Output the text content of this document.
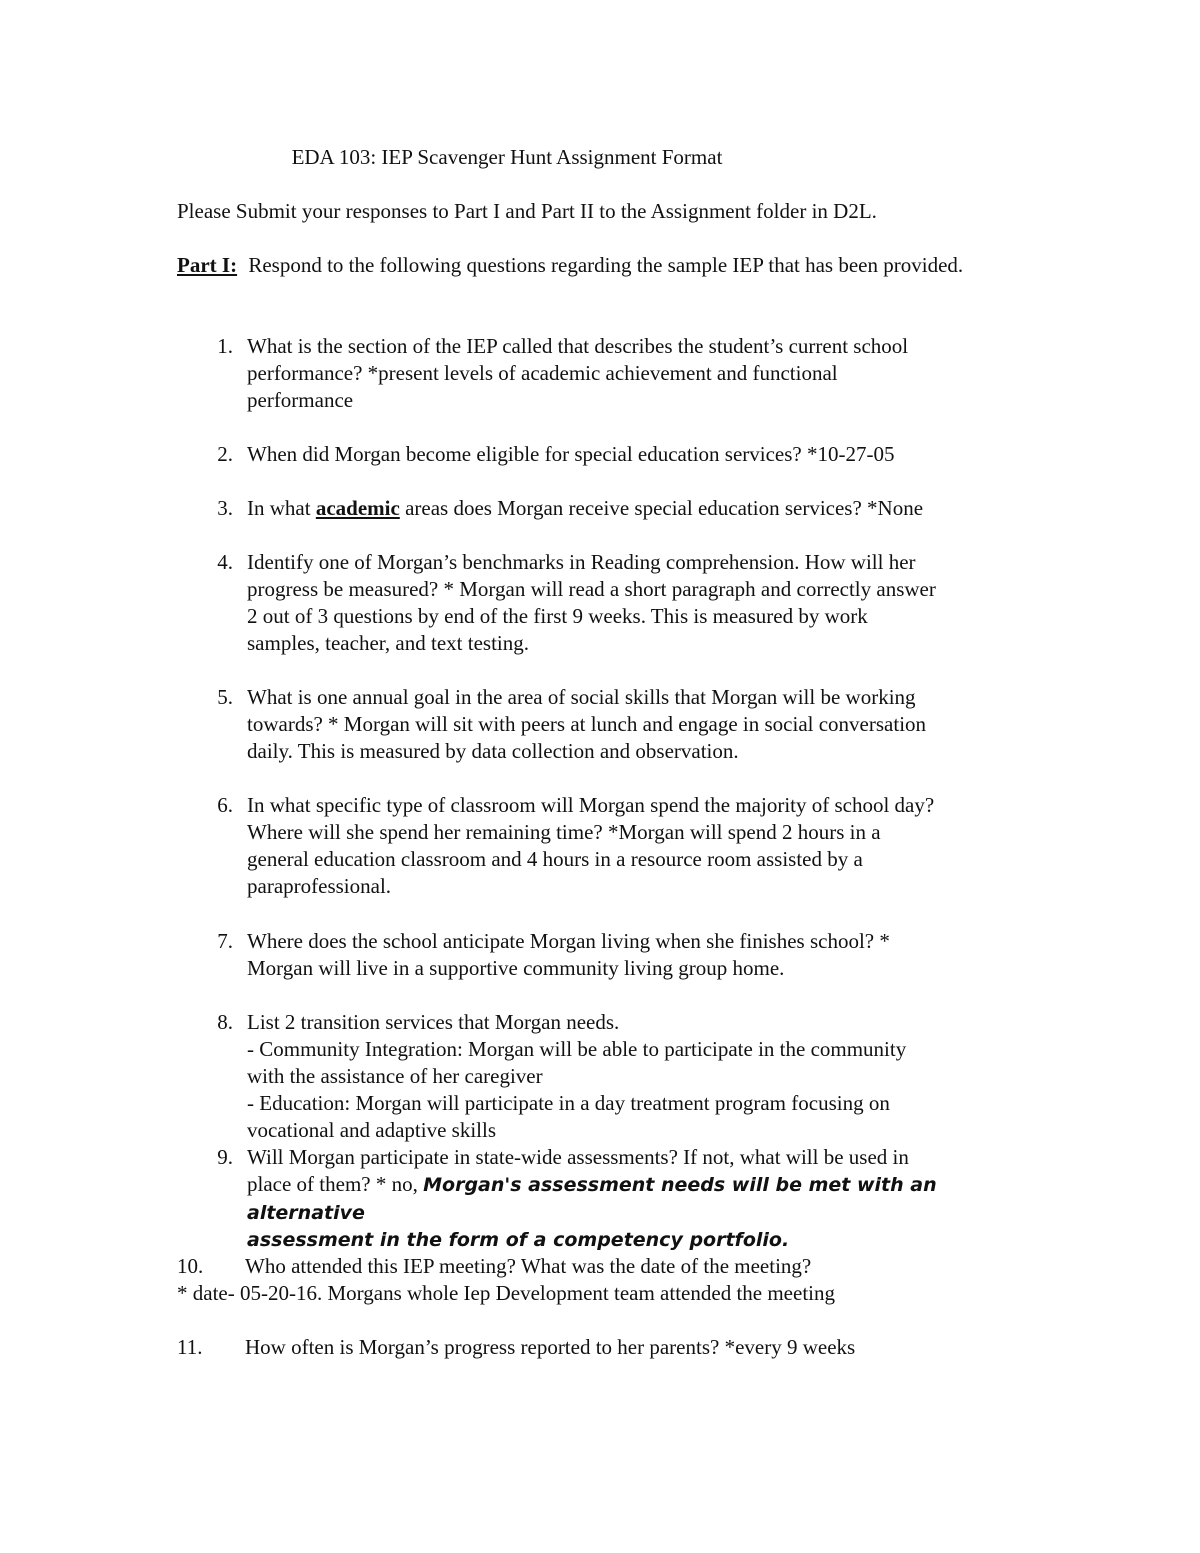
EDA 103: IEP Scavenger Hunt Assignment Format
Please Submit your responses to Part I and Part II to the Assignment folder in D2L.
Part I: Respond to the following questions regarding the sample IEP that has been provided.
1. What is the section of the IEP called that describes the student’s current school
performance? *present levels of academic achievement and functional
performance
2. When did Morgan become eligible for special education services? *10-27-05
3. In what academic areas does Morgan receive special education services? *None
4. Identify one of Morgan’s benchmarks in Reading comprehension. How will her
progress be measured? * Morgan will read a short paragraph and correctly answer
2 out of 3 questions by end of the first 9 weeks. This is measured by work
samples, teacher, and text testing.
5. What is one annual goal in the area of social skills that Morgan will be working
towards? * Morgan will sit with peers at lunch and engage in social conversation
daily. This is measured by data collection and observation.
6. In what specific type of classroom will Morgan spend the majority of school day?
Where will she spend her remaining time? *Morgan will spend 2 hours in a
general education classroom and 4 hours in a resource room assisted by a
paraprofessional.
7. Where does the school anticipate Morgan living when she finishes school? *
Morgan will live in a supportive community living group home.
8. List 2 transition services that Morgan needs.
- Community Integration: Morgan will be able to participate in the community
with the assistance of her caregiver
- Education: Morgan will participate in a day treatment program focusing on
vocational and adaptive skills
9. Will Morgan participate in state-wide assessments? If not, what will be used in
place of them? * no, Morgan's assessment needs will be met with an alternative
assessment in the form of a competency portfolio.
10. Who attended this IEP meeting? What was the date of the meeting?
* date- 05-20-16. Morgans whole Iep Development team attended the meeting
11. How often is Morgan’s progress reported to her parents? *every 9 weeks
